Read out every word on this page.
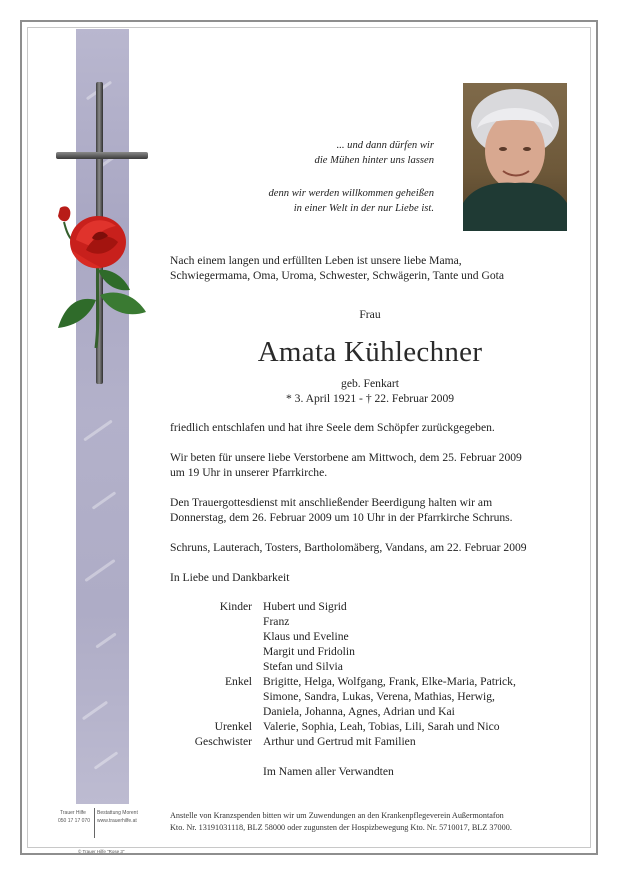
... und dann dürfen wir
die Mühen hinter uns lassen
denn wir werden willkommen geheißen
in einer Welt in der nur Liebe ist.
Nach einem langen und erfüllten Leben ist unsere liebe Mama,
Schwiegermama, Oma, Uroma, Schwester, Schwägerin, Tante und Gota
Frau
Amata Kühlechner
geb. Fenkart
* 3. April 1921 - † 22. Februar 2009
friedlich entschlafen und hat ihre Seele dem Schöpfer zurückgegeben.
Wir beten für unsere liebe Verstorbene am Mittwoch, dem 25. Februar 2009
um 19 Uhr in unserer Pfarrkirche.
Den Trauergottesdienst mit anschließender Beerdigung halten wir am
Donnerstag, dem 26. Februar 2009 um 10 Uhr in der Pfarrkirche Schruns.
Schruns, Lauterach, Tosters, Bartholomäberg, Vandans, am 22. Februar 2009
In Liebe und Dankbarkeit
Kinder Hubert und Sigrid
Franz
Klaus und Eveline
Margit und Fridolin
Stefan und Silvia
Enkel Brigitte, Helga, Wolfgang, Frank, Elke-Maria, Patrick,
Simone, Sandra, Lukas, Verena, Mathias, Herwig,
Daniela, Johanna, Agnes, Adrian und Kai
Urenkel Valerie, Sophia, Leah, Tobias, Lili, Sarah und Nico
Geschwister Arthur und Gertrud mit Familien
Im Namen aller Verwandten
Anstelle von Kranzspenden bitten wir um Zuwendungen an den Krankenpflegeverein Außermontafon
Kto. Nr. 13191031118, BLZ 58000 oder zugunsten der Hospizbewegung Kto. Nr. 5710017, BLZ 37000.
Trauer Hilfe
050 17 17 070
Bestattung Morent
www.trauerhilfe.at
© Trauer Hilfe "Rose 3"
